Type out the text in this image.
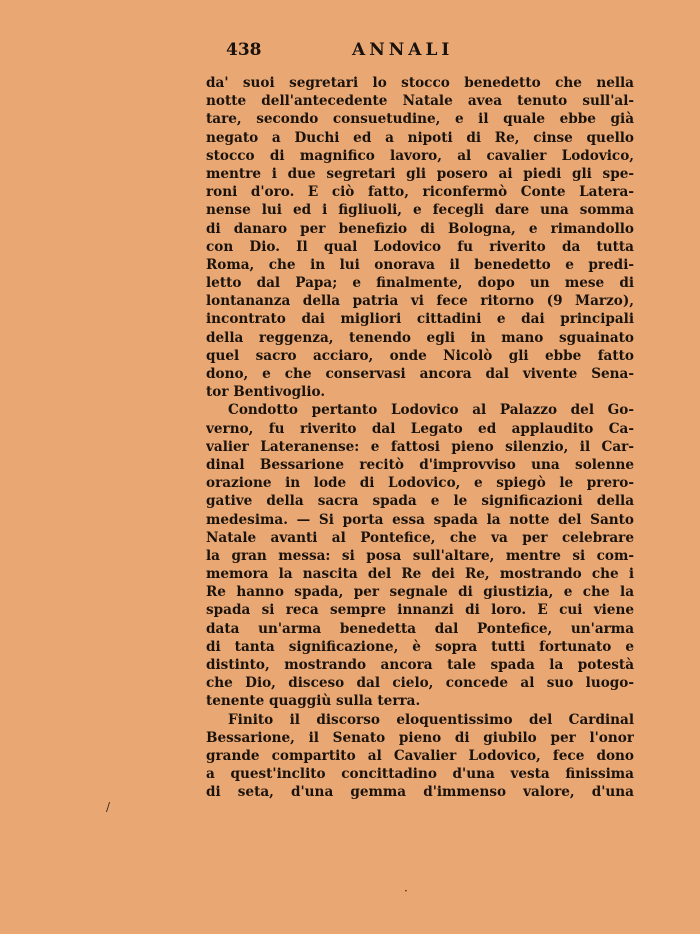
438	ANNALI
da' suoi segretari lo stocco benedetto che nella
notte dell'antecedente Natale avea tenuto sull'al-
tare, secondo consuetudine, e il quale ebbe già
negato a Duchi ed a nipoti di Re, cinse quello
stocco di magnifico lavoro, al cavalier Lodovico,
mentre i due segretari gli posero ai piedi gli spe-
roni d'oro. E ciò fatto, riconfermò Conte Latera-
nense lui ed i figliuoli, e fecegli dare una somma
di danaro per benefizio di Bologna, e rimandollo
con Dio. Il qual Lodovico fu riverito da tutta
Roma, che in lui onorava il benedetto e predi-
letto dal Papa; e finalmente, dopo un mese di
lontananza della patria vi fece ritorno (9 Marzo),
incontrato dai migliori cittadini e dai principali
della reggenza, tenendo egli in mano sguainato
quel sacro acciaro, onde Nicolò gli ebbe fatto
dono, e che conservasi ancora dal vivente Sena-
tor Bentivoglio.
Condotto pertanto Lodovico al Palazzo del Go-
verno, fu riverito dal Legato ed applaudito Ca-
valier Lateranense: e fattosi pieno silenzio, il Car-
dinal Bessarione recitò d'improvviso una solenne
orazione in lode di Lodovico, e spiegò le prero-
gative della sacra spada e le significazioni della
medesima. — Si porta essa spada la notte del Santo
Natale avanti al Pontefice, che va per celebrare
la gran messa: si posa sull'altare, mentre si com-
memora la nascita del Re dei Re, mostrando che i
Re hanno spada, per segnale di giustizia, e che la
spada si reca sempre innanzi di loro. E cui viene
data un'arma benedetta dal Pontefice, un'arma
di tanta significazione, è sopra tutti fortunato e
distinto, mostrando ancora tale spada la potestà
che Dio, disceso dal cielo, concede al suo luogo-
tenente quaggiù sulla terra.
Finito il discorso eloquentissimo del Cardinal
Bessarione, il Senato pieno di giubilo per l'onor
grande compartito al Cavalier Lodovico, fece dono
a quest'inclito concittadino d'una vesta finissima
di seta, d'una gemma d'immenso valore, d'una
/
·
